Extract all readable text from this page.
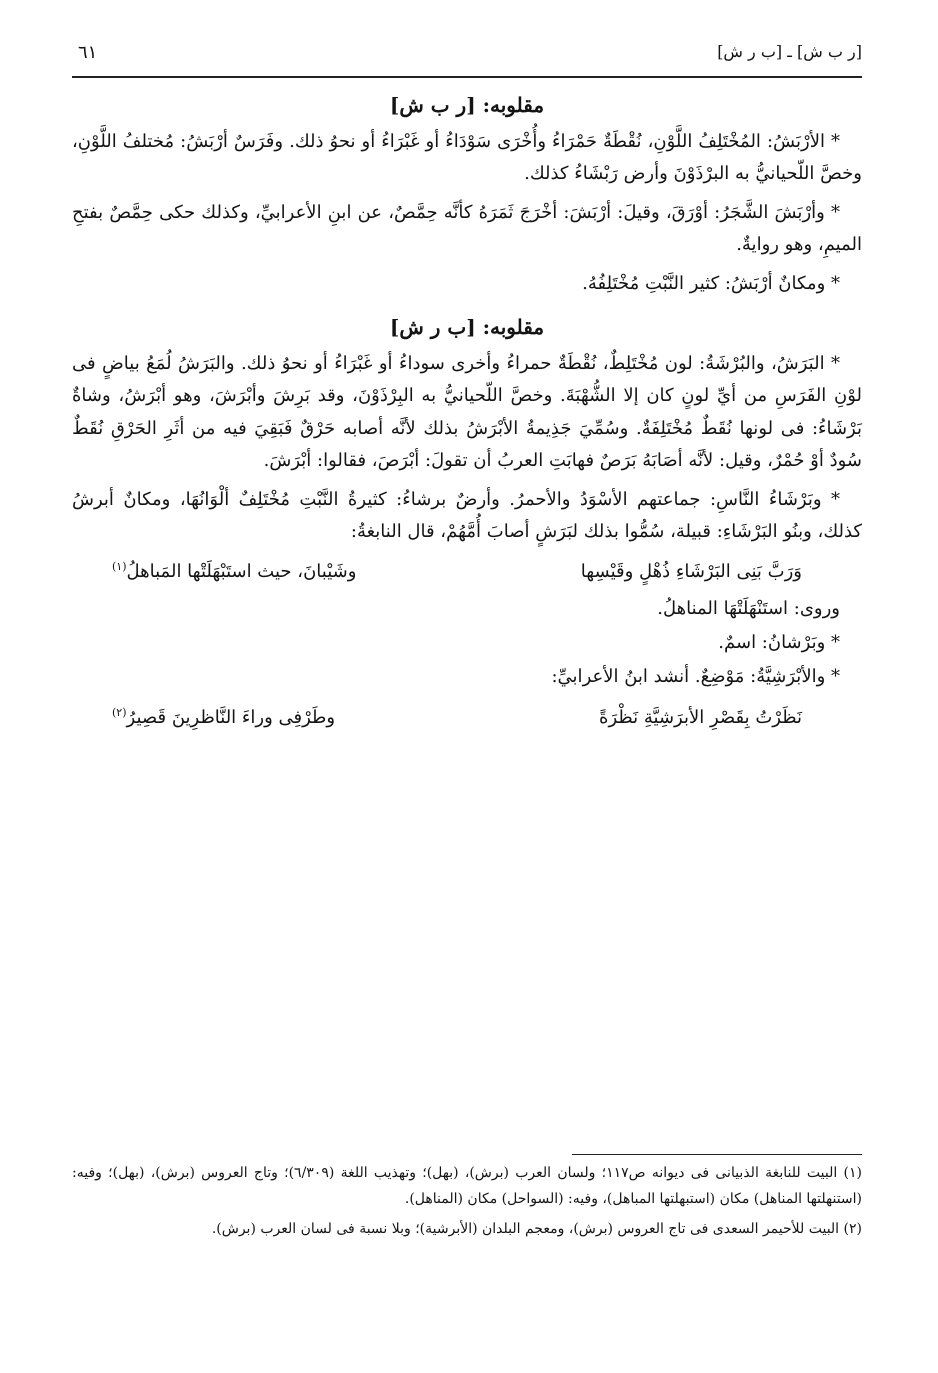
[ر ب ش] ـ [ب ر ش]
٦١
مقلوبه: [ر ب ش]

* الأرْبَشُ: المُخْتَلِفُ اللَّوْنِ، نُقْطَةٌ حَمْرَاءُ وأُخْرَى سَوْدَاءُ أو غَبْرَاءُ أو نحوُ ذلك. وفَرَسٌ أرْبَشُ: مُختلفُ اللَّوْنِ، وخصَّ اللّحيانيُّ به البرْذَوْنَ وأرض رَبْشَاءُ كذلك.

* وأرْبَشَ الشَّجَرُ: أوْرَقَ، وقيلَ: أرْبَشَ: أخْرَجَ ثَمَرَهُ كأنَّه حِمَّصٌ، عن ابنِ الأعرابيِّ، وكذلك حكى حِمَّصٌ بفتحِ الميمِ، وهو روايةٌ.

* ومكانٌ أرْبَشُ: كثير النَّبْتِ مُخْتَلِفُهُ.

مقلوبه: [ب ر ش]

* البَرَشُ، والبُرْشَةُ: لون مُخْتَلِطٌ، نُقْطَةٌ حمراءُ وأخرى سوداءُ أو غَبْرَاءُ أو نحوُ ذلك. والبَرَشُ لُمَعُ بياضٍ فى لوْنِ الفَرَسِ من أيِّ لونٍ كان إلا الشُّهْبَةَ. وخصَّ اللّحيانيُّ به البِرْذَوْنَ، وقد بَرِشَ وأبْرَشَ، وهو أبْرَشُ، وشاةٌ بَرْشَاءُ: فى لونها نُقَطٌ مُخْتَلِفَةٌ. وسُمِّيَ جَذِيمةُ الأبْرَشُ بذلك لأنَّه أصابه حَرْقٌ فَبَقِيَ فيه من أثَرِ الحَرْقِ نُقَطٌ سُودٌ أوْ حُمْرٌ، وقيل: لأنَّه أصَابَهُ بَرَصٌ فهابَتِ العربُ أن تقولَ: أبْرَصَ، فقالوا: أبْرَشَ.

* وبَرْشَاءُ النَّاسِ: جماعتهم الأسْوَدُ والأحمرُ. وأرضٌ برشاءُ: كثيرةُ النَّبْتِ مُخْتَلِفٌ ألْوَانُهَا، ومكانٌ أبرشُ كذلك، وبنُو البَرْشَاءِ: قبيلة، سُمُّوا بذلك لبَرَشٍ أصابَ أُمَّهُمْ، قال النابغةُ:

وَرَبَّ بَنِى البَرْشَاءِ ذُهْلٍ وقَيْسِها
وشَيْبانَ، حيث استَبْهَلَتْها المَباهلُ$^{(١)}$

وروى: استَنْهَلَتْهَا المناهلُ.

* وبَرْشانُ: اسمٌ.

* والأبْرَشِيَّةُ: مَوْضِعٌ. أنشد ابنُ الأعرابيِّ:

نَظَرْتُ بِقَصْرِ الأبرَشِيَّةِ نَظْرَةً
وطَرْفِى وراءَ النَّاظرِينَ قَصِيرُ$^{(٢)}$

(١) البيت للنابغة الذبيانى فى ديوانه ص١١٧؛ ولسان العرب (برش)، (بهل)؛ وتهذيب اللغة (٦/٣٠٩)؛ وتاج العروس (برش)، (بهل)؛ وفيه: (استنهلتها المناهل) مكان (استبهلتها المباهل)، وفيه: (السواحل) مكان (المناهل).

(٢) البيت للأحيمر السعدى فى تاج العروس (برش)، ومعجم البلدان (الأبرشية)؛ وبلا نسبة فى لسان العرب (برش).
